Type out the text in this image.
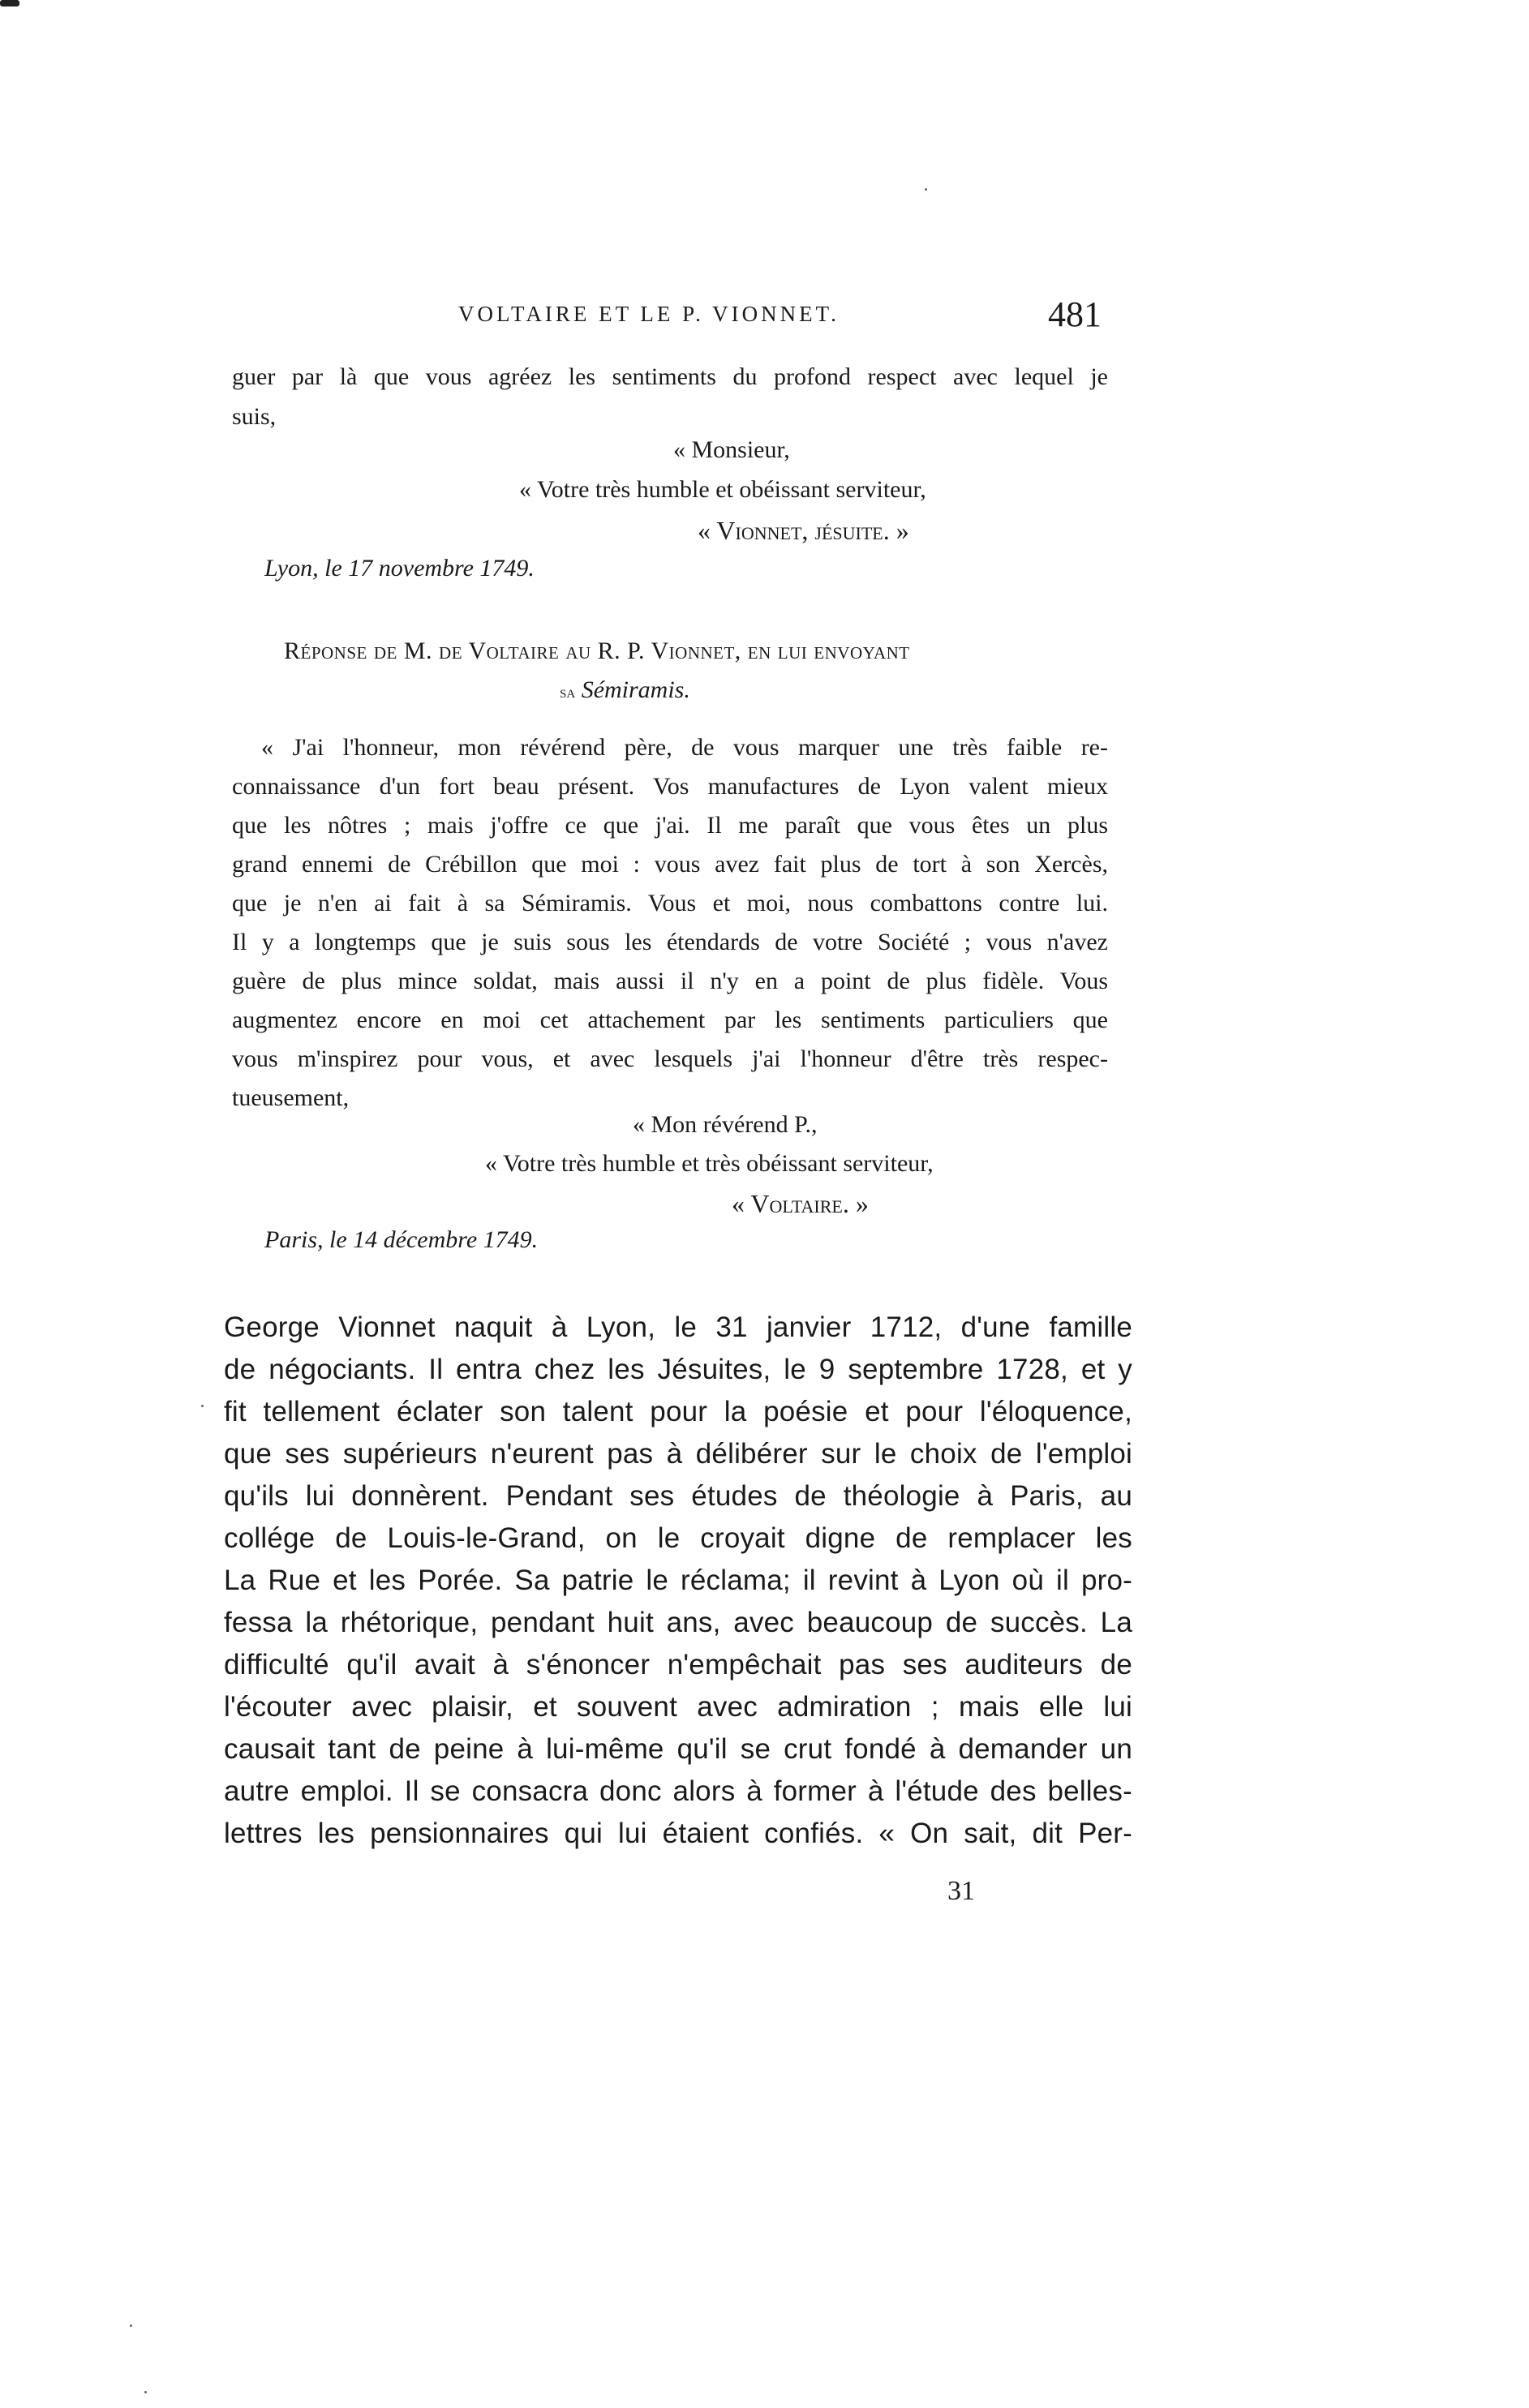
VOLTAIRE ET LE P. VIONNET.	481
guer par là que vous agréez les sentiments du profond respect avec lequel je
suis,
« Monsieur,
« Votre très humble et obéissant serviteur,
« Vionnet, jésuite. »
Lyon, le 17 novembre 1749.
Réponse de M. de Voltaire au R. P. Vionnet, en lui envoyant
sa Sémiramis.
« J'ai l'honneur, mon révérend père, de vous marquer une très faible re-
connaissance d'un fort beau présent. Vos manufactures de Lyon valent mieux
que les nôtres ; mais j'offre ce que j'ai. Il me paraît que vous êtes un plus
grand ennemi de Crébillon que moi : vous avez fait plus de tort à son Xercès,
que je n'en ai fait à sa Sémiramis. Vous et moi, nous combattons contre lui.
Il y a longtemps que je suis sous les étendards de votre Société ; vous n'avez
guère de plus mince soldat, mais aussi il n'y en a point de plus fidèle. Vous
augmentez encore en moi cet attachement par les sentiments particuliers que
vous m'inspirez pour vous, et avec lesquels j'ai l'honneur d'être très respec-
tueusement,
« Mon révérend P.,
« Votre très humble et très obéissant serviteur,
« Voltaire. »
Paris, le 14 décembre 1749.
George Vionnet naquit à Lyon, le 31 janvier 1712, d'une famille
de négociants. Il entra chez les Jésuites, le 9 septembre 1728, et y
fit tellement éclater son talent pour la poésie et pour l'éloquence,
que ses supérieurs n'eurent pas à délibérer sur le choix de l'emploi
qu'ils lui donnèrent. Pendant ses études de théologie à Paris, au
collége de Louis-le-Grand, on le croyait digne de remplacer les
La Rue et les Porée. Sa patrie le réclama; il revint à Lyon où il pro-
fessa la rhétorique, pendant huit ans, avec beaucoup de succès. La
difficulté qu'il avait à s'énoncer n'empêchait pas ses auditeurs de
l'écouter avec plaisir, et souvent avec admiration ; mais elle lui
causait tant de peine à lui-même qu'il se crut fondé à demander un
autre emploi. Il se consacra donc alors à former à l'étude des belles-
lettres les pensionnaires qui lui étaient confiés. « On sait, dit Per-
31
